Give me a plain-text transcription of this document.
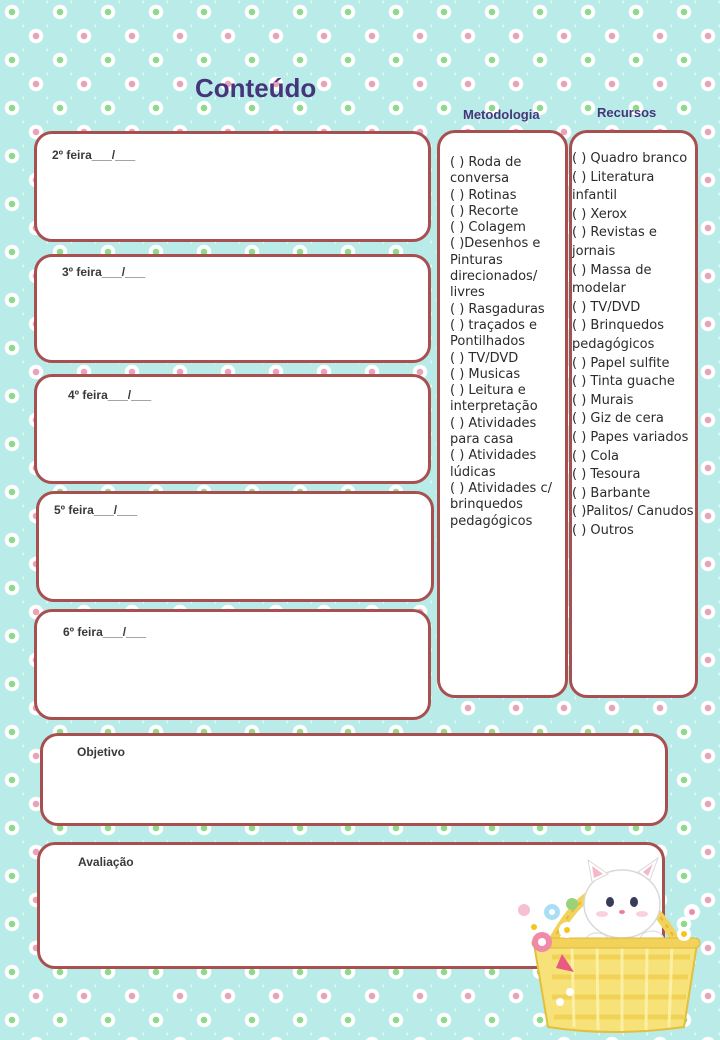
Conteúdo
Metodologia	Recursos
2º feira___/___
3º feira___/___
4º feira___/___
5º feira___/___
6º feira___/___
( ) Roda de conversa
( ) Rotinas
( ) Recorte
( ) Colagem
( )Desenhos e Pinturas direcionados/ livres
( ) Rasgaduras
( ) traçados e Pontilhados
( ) TV/DVD
( ) Musicas
( ) Leitura e interpretação
( ) Atividades para casa
( ) Atividades lúdicas
( ) Atividades c/ brinquedos pedagógicos
( ) Quadro branco
( ) Literatura infantil
( ) Xerox
( ) Revistas e jornais
( ) Massa de modelar
( ) TV/DVD
( ) Brinquedos pedagógicos
( ) Papel sulfite
( ) Tinta guache
( ) Murais
( ) Giz de cera
( ) Papes variados
( ) Cola
( ) Tesoura
( ) Barbante
( )Palitos/ Canudos
( ) Outros
Objetivo
Avaliação
